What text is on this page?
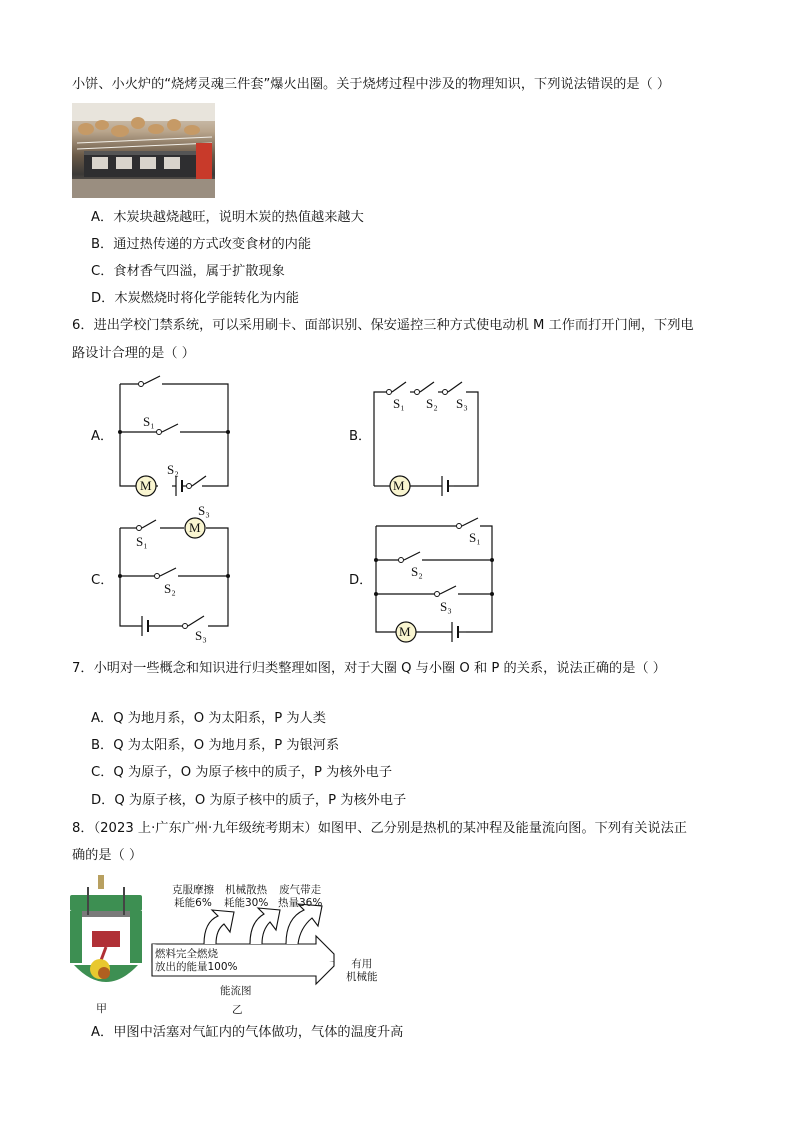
小饼、小火炉的“烧烤灵魂三件套”爆火出圈。关于烧烤过程中涉及的物理知识，下列说法错误的是（ ）
A．木炭块越烧越旺，说明木炭的热值越来越大
B．通过热传递的方式改变食材的内能
C．食材香气四溢，属于扩散现象
D．木炭燃烧时将化学能转化为内能
6．进出学校门禁系统，可以采用刷卡、面部识别、保安遥控三种方式使电动机 M 工作而打开门闸，下列电
路设计合理的是（ ）
A．
S₁
S₂
S₃
M
B．
S₁ S₂ S₃
M
C．
S₁
S₂
S₃
M
D．
S₁
S₂
S₃
M
7．小明对一些概念和知识进行归类整理如图，对于大圈 Q 与小圈 O 和 P 的关系，说法正确的是（ ）
A．Q 为地月系，O 为太阳系，P 为人类
B．Q 为太阳系，O 为地月系，P 为银河系
C．Q 为原子，O 为原子核中的质子，P 为核外电子
D．Q 为原子核，O 为原子核中的质子，P 为核外电子
8．（2023 上·广东广州·九年级统考期末）如图甲、乙分别是热机的某冲程及能量流向图。下列有关说法正
确的是（ ）
甲
克服摩擦
耗能6%
机械散热
耗能30%
废气带走
热量36%
燃料完全燃烧
放出的能量100%	有用
机械能
能流图
乙
A．甲图中活塞对气缸内的气体做功，气体的温度升高
